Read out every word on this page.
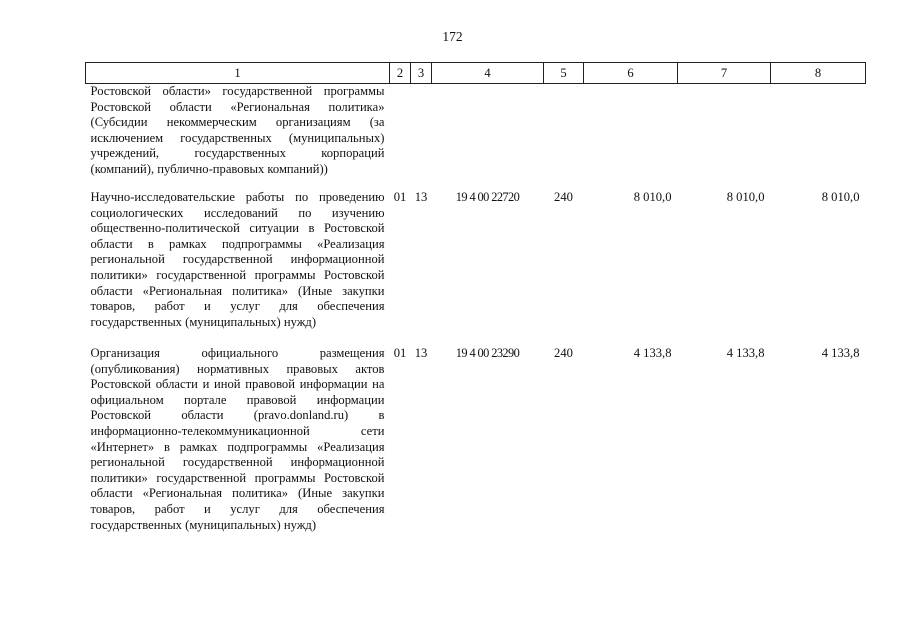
172
1	2	3	4	5	6	7	8
Ростовской области» государственной программы Ростовской области «Региональная политика» (Субсидии некоммерческим организациям (за исключением государственных (муниципальных) учреждений, государственных корпораций (компаний), публично-правовых компаний))							
Научно-исследовательские работы по проведению социологических исследований по изучению общественно-политической ситуации в Ростовской области в рамках подпрограммы «Реализация региональной государственной информационной политики» государственной программы Ростовской области «Региональная политика» (Иные закупки товаров, работ и услуг для обеспечения государственных (муниципальных) нужд)	01	13	19 4 00 22720	240	8 010,0	8 010,0	8 010,0
Организация официального размещения (опубликования) нормативных правовых актов Ростовской области и иной правовой информации на официальном портале правовой информации Ростовской области (pravo.donland.ru) в информационно-телекоммуникационной сети «Интернет» в рамках подпрограммы «Реализация региональной государственной информационной политики» государственной программы Ростовской области «Региональная политика» (Иные закупки товаров, работ и услуг для обеспечения государственных (муниципальных) нужд)	01	13	19 4 00 23290	240	4 133,8	4 133,8	4 133,8
